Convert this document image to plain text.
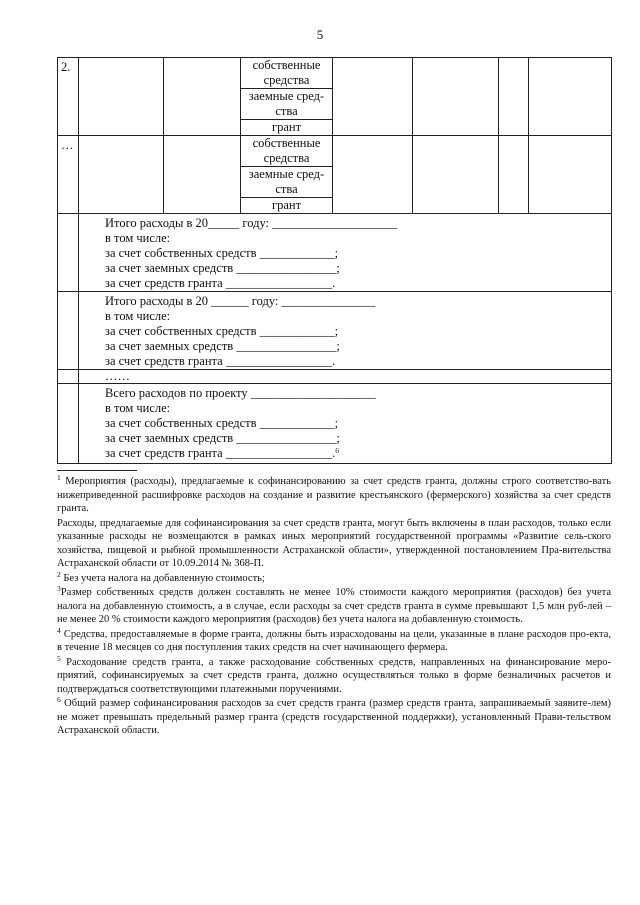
5
2.			собственные средства				

			заемные сред-ства				

			грант				

…			собственные средства				

			заемные сред-ства				

			грант				

	Итого расходы в 20_____ году: ____________________
в том числе:
за счет собственных средств ____________;
за счет заемных средств ________________;
за счет средств гранта _________________.						

	Итого расходы в 20 ______ году: _______________
в том числе:
за счет собственных средств ____________;
за счет заемных средств ________________;
за счет средств гранта _________________.						

	……						

	Всего расходов по проекту ____________________
в том числе:
за счет собственных средств ____________;
за счет заемных средств ________________;
за счет средств гранта _________________.$^6$

$^1$ Мероприятия (расходы), предлагаемые к софинансированию за счет средств гранта, должны строго соответство-вать нижеприведенной расшифровке расходов на создание и развитие крестьянского (фермерского) хозяйства за счет средств гранта.

Расходы, предлагаемые для софинансирования за счет средств гранта, могут быть включены в план расходов, только если указанные расходы не возмещаются в рамках иных мероприятий государственной программы «Развитие сель-ского хозяйства, пищевой и рыбной промышленности Астраханской области», утвержденной постановлением Пра-вительства Астраханской области от 10.09.2014 № 368-П.

$^2$ Без учета налога на добавленную стоимость;

$^3$Размер собственных средств должен составлять не менее 10% стоимости каждого мероприятия (расходов) без учета налога на добавленную стоимость, а в случае, если расходы за счет средств гранта в сумме превышают 1,5 млн руб-лей – не менее 20 % стоимости каждого мероприятия (расходов) без учета налога на добавленную стоимость.

$^4$ Средства, предоставляемые в форме гранта, должны быть израсходованы на цели, указанные в плане расходов про-екта, в течение 18 месяцев со дня поступления таких средств на счет начинающего фермера.

$^5$ Расходование средств гранта, а также расходование собственных средств, направленных на финансирование меро-приятий, софинансируемых за счет средств гранта, должно осуществляться только в форме безналичных расчетов и подтверждаться соответствующими платежными поручениями.

$^6$ Общий размер софинансирования расходов за счет средств гранта (размер средств гранта, запрашиваемый заявите-лем) не может превышать предельный размер гранта (средств государственной поддержки), установленный Прави-тельством Астраханской области.
